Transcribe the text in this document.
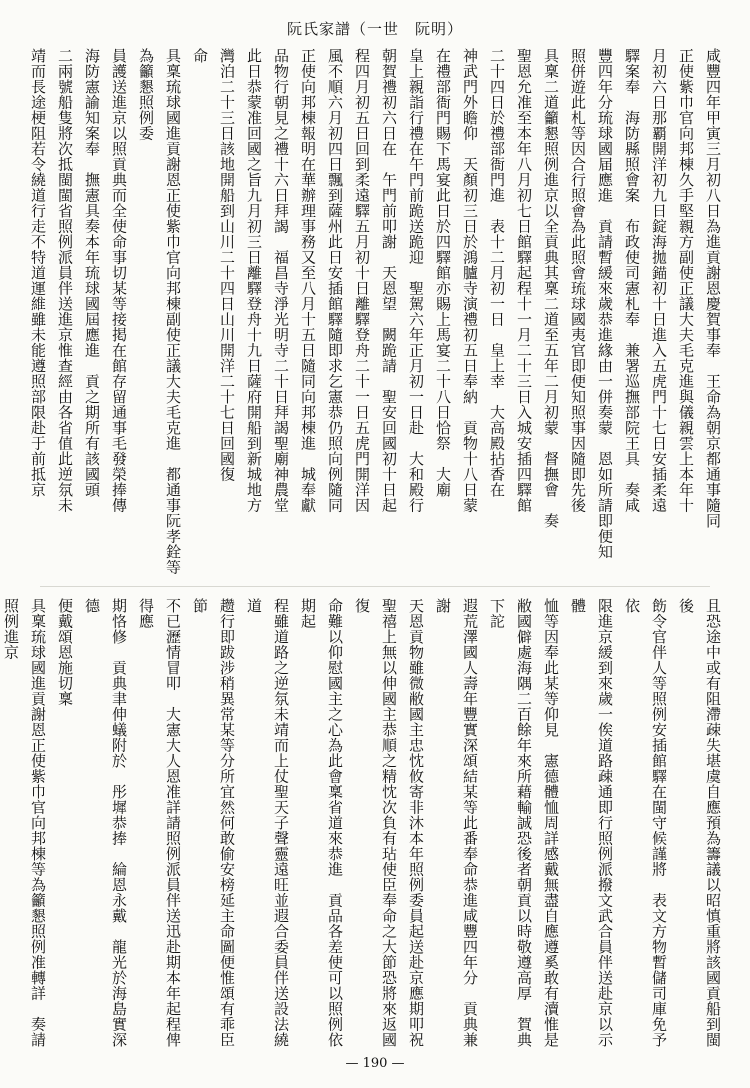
阮氏家譜（一世　阮明）

咸豐四年甲寅三月初八日為進貢謝恩慶賀事奉　王命為朝京都通事隨同

正使紫巾官向邦棟久手堅親方副使正議大夫毛克進與儀親雲上本年十

月初六日那覇開洋初九日錠海拋錨初十日進入五虎門十七日安插柔遠

驛案奉　海防縣照會案　布政使司憲札奉　兼署巡撫部院王具　奏咸

豐四年分琉球國届應進　貢請暫緩來歲恭進緣由一併奏蒙　恩如所請即便知

照併遊此札等因合行照會為此照會琉球國夷官即便知照事因隨即先後

具稟二道籲懇照例進京以全貢典其稟二道至五年二月初蒙　督撫會　奏

聖恩允准至本年八月初七日館驛起程十一月二十三日入城安插四驛館

二十四日於禮部衙門進　表十二月初一日　皇上幸　大高殿拈香在

神武門外瞻仰　天顏初三日於鴻臚寺演禮初五日奉納　貢物十八日蒙

在禮部衙門賜下馬宴此日於四驛館亦賜上馬宴二十八日恰祭　大廟

皇上親詣行禮在午門前跪送跪迎　聖駕六年正月初一日赴　大和殿行

朝賀禮初六日在　午門前叩謝　天恩望　闕跪請　聖安回國初十日起

程四月初五日回到柔遠驛五月初十日離驛登舟二十一日五虎門開洋因

風不順六月初四日飄到薩州此日安插館驛隨即求乞憲恭仍照向例隨同

正使向邦棟報明在華辦理事務又至八月十五日隨同向邦棟進　城奉獻

品物行朝見之禮十六日拜謁　福昌寺淨光明寺二十日拜謁聖廟神農堂

此日恭蒙准回國之旨九月初三日離驛登舟十九日薩府開船到新城地方

灣泊二十三日該地開船到山川二十四日山川開洋二十七日回國復

命

具稟琉球國進貢謝恩正使紫巾官向邦棟副使正議大夫毛克進　都通事阮孝銓等為籲懇照例委

員護送進京以照貢典而全使命事切某等接掲在館存留通事毛發榮捧傳

海防憲諭知案奉　撫憲具奏本年琉球國屆應進　貢之期所有該國頭

二兩號船隻將次抵閩閩省照例派員伴送進京惟查經由各省值此逆氛未

靖而長途梗阻若令繞道行走不特道運維雖未能遵照部限赴于前抵京

且恐途中或有阻滯疎失堪虞自應預為籌議以昭慎重將該國貢船到閩後

飭令官伴人等照例安插館驛在閩守候謹將　表文方物暫儲司庫免予依

限進京緩到來歲一俟道路疎通即行照例派撥文武合員伴送赴京以示體

恤等因奉此某等仰見　憲德體恤周詳感戴無盡自應遵奚敢有瀆惟是

敝國僻處海隅二百餘年來所藉輸誠恐後者朝貢以時敬遵高厚　賀典下詑

遐荒澤國人壽年豐實深頌結某等此番奉命恭進咸豐四年分　貢典兼謝

天恩貢物雖微敝國主忠忱攸寄非沐本年照例委員起送赴京應期叩祝

聖禧上無以伸國主恭順之精忱次負有玷使臣奉命之大節恐將來返國復

命難以仰慰國主之心為此會稟省道來恭進　貢品各差使可以照例依期起

程雖道路之逆氛未靖而上仗聖天子聲靈遠旺並遐合委員伴送設法繞道

趱行即跋涉稍異常某等分所宜然何敢偷安榜延主命圖便惟頌有乖臣節

不已瀝情冒叩　大憲大人恩准詳請照例派員伴送迅赴期本年起程俾得應

期恪修　貢典聿伸蟻附於　彤墀恭捧　綸恩永戴　龍光於海島實深德

便戴頌恩施切稟

具稟琉球國進貢謝恩正使紫巾官向邦棟等為籲懇照例准轉詳　奏請照例進京

— 190 —
